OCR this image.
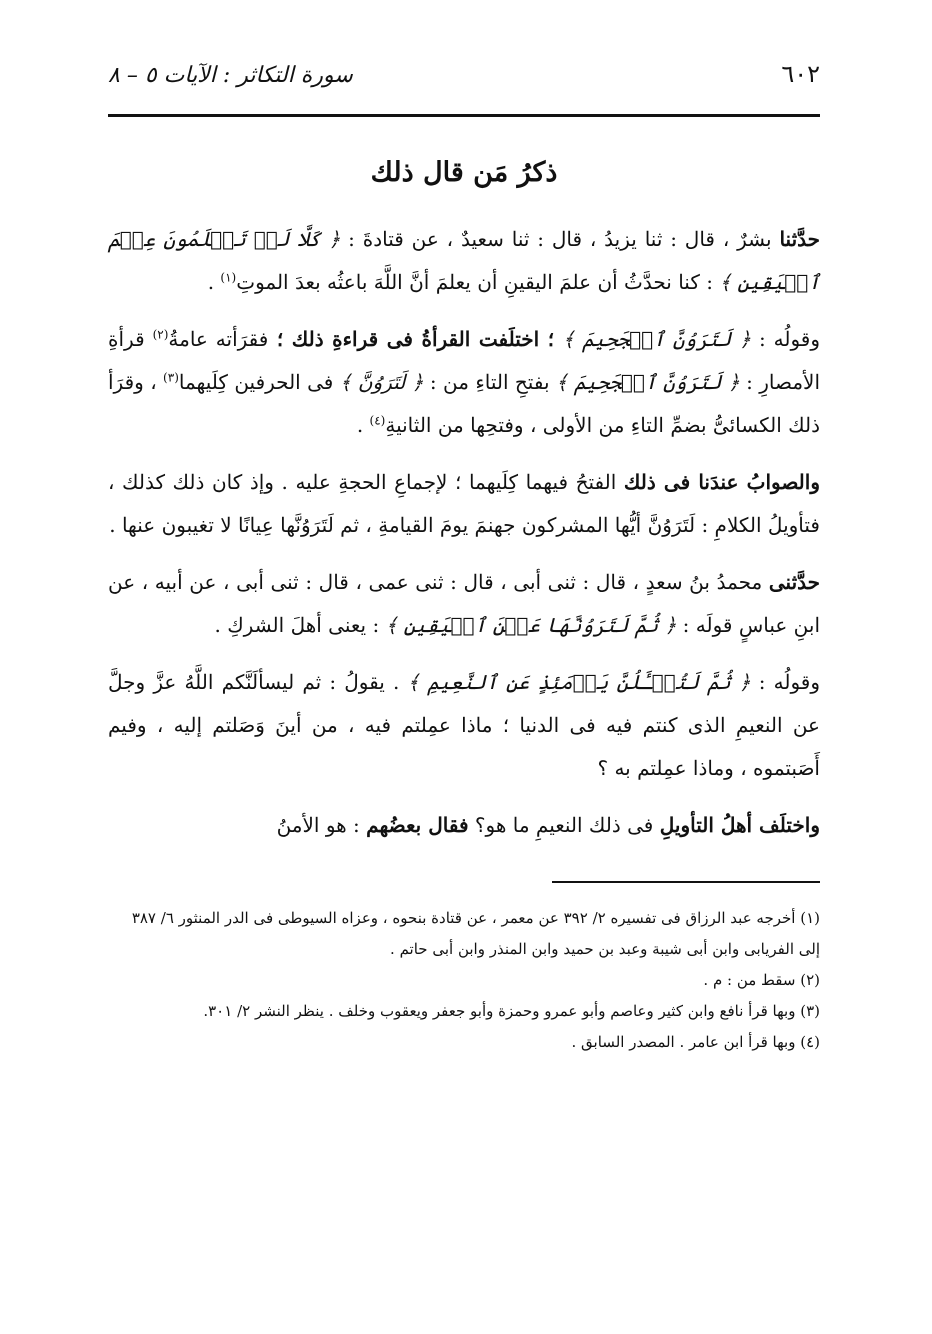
٦٠٢
سورة التكاثر : الآيات ٥ – ٨
ذكرُ مَن قال ذلك

حدَّثنا بشرٌ ، قال : ثنا يزيدُ ، قال : ثنا سعيدٌ ، عن قتادةَ : ﴿ كَلَّا لَوۡ تَعۡلَمُونَ عِلۡمَ ٱلۡيَقِينِ ﴾ : كنا نحدَّثُ أن علمَ اليقينِ أن يعلمَ أنَّ اللَّهَ باعثُه بعدَ الموتِ$^{(١)}$ .

وقولُه : ﴿ لَتَرَوُنَّ ٱلۡجَحِيمَ ﴾ ؛ اختلَفت القرأةُ فى قراءةِ ذلك ؛ فقرَأته عامةُ$^{(٢)}$ قرأةِ الأمصارِ : ﴿ لَتَرَوُنَّ ٱلۡجَحِيمَ ﴾ بفتحِ التاءِ من : ﴿ لَتَرَوُنَّ ﴾ فى الحرفين كِلَيهما$^{(٣)}$ ، وقرَأ ذلك الكسائىُّ بضمِّ التاءِ من الأولى ، وفتحِها من الثانيةِ$^{(٤)}$ .

والصوابُ عندَنا فى ذلك الفتحُ فيهما كِلَيهما ؛ لإجماعِ الحجةِ عليه . وإذ كان ذلك كذلك ، فتأويلُ الكلامِ : لَتَرَوُنَّ أيُّها المشركون جهنمَ يومَ القيامةِ ، ثم لَتَرَوُنَّها عِيانًا لا تغيبون عنها .

حدَّثنى محمدُ بنُ سعدٍ ، قال : ثنى أبى ، قال : ثنى عمى ، قال : ثنى أبى ، عن أبيه ، عن ابنِ عباسٍ قولَه : ﴿ ثُمَّ لَتَرَوُنَّهَا عَيۡنَ ٱلۡيَقِينِ ﴾ : يعنى أهلَ الشركِ .

وقولُه : ﴿ ثُمَّ لَتُسۡـَٔلُنَّ يَوۡمَئِذٍ عَنِ ٱلنَّعِيمِ ﴾ . يقولُ : ثم ليسألَنَّكم اللَّهُ عزَّ وجلَّ عن النعيمِ الذى كنتم فيه فى الدنيا ؛ ماذا عمِلتم فيه ، من أينَ وَصَلتم إليه ، وفيم أَصَبتموه ، وماذا عمِلتم به ؟

واختلَف أهلُ التأويلِ فى ذلك النعيمِ ما هو؟ فقال بعضُهم : هو الأمنُ

(١) أخرجه عبد الرزاق فى تفسيره ٢/ ٣٩٢ عن معمر ، عن قتادة بنحوه ، وعزاه السيوطى فى الدر المنثور ٦/ ٣٨٧ إلى الفريابى وابن أبى شيبة وعبد بن حميد وابن المنذر وابن أبى حاتم .

(٢) سقط من : م .

(٣) وبها قرأ نافع وابن كثير وعاصم وأبو عمرو وحمزة وأبو جعفر ويعقوب وخلف . ينظر النشر ٢/ ٣٠١.

(٤) وبها قرأ ابن عامر . المصدر السابق .
